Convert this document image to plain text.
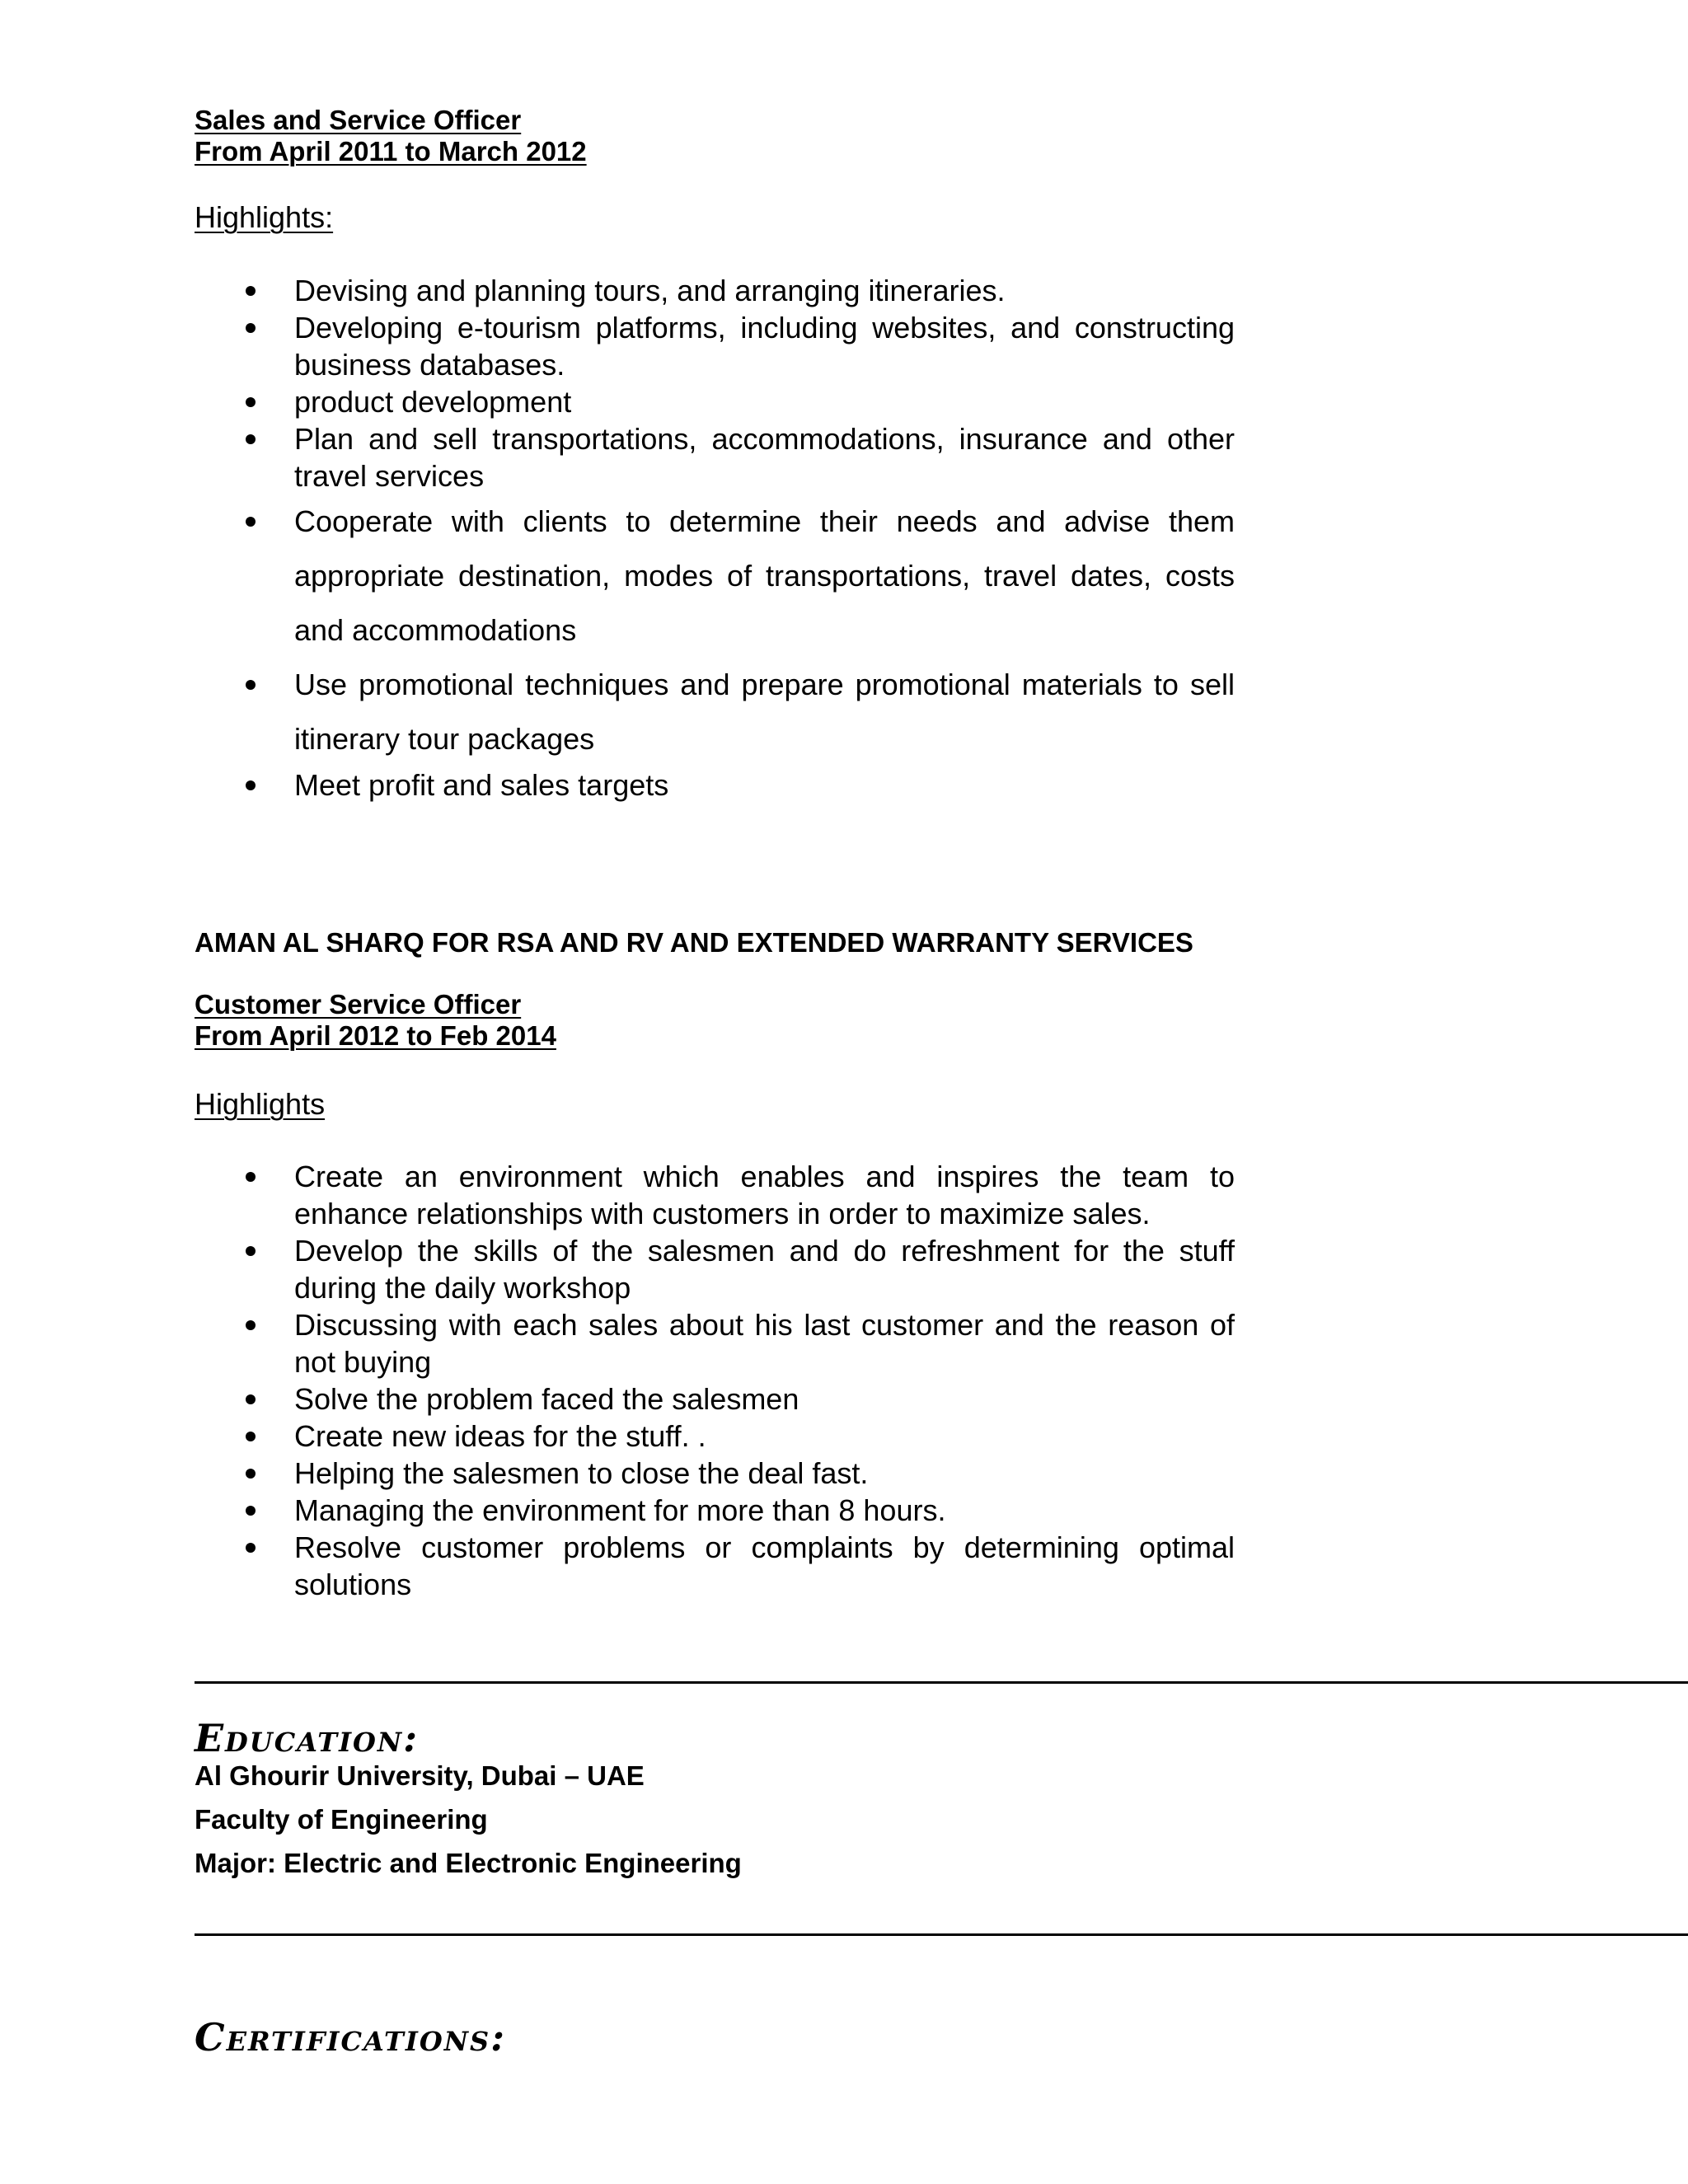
Sales and Service Officer
From April 2011 to March 2012
Highlights:
Devising and planning tours, and arranging itineraries.
Developing e-tourism platforms, including websites, and constructing business databases.
product development
Plan and sell transportations, accommodations, insurance and other travel services
Cooperate with clients to determine their needs and advise them appropriate destination, modes of transportations, travel dates, costs and accommodations
Use promotional techniques and prepare promotional materials to sell itinerary tour packages
Meet profit and sales targets
AMAN AL SHARQ FOR RSA AND RV AND EXTENDED WARRANTY SERVICES
Customer Service Officer
From April 2012 to Feb 2014
Highlights
Create an environment which enables and inspires the team to enhance relationships with customers in order to maximize sales.
Develop the skills of the salesmen and do refreshment for the stuff during the daily workshop
Discussing with each sales about his last customer and the reason of not buying
Solve the problem faced the salesmen
Create new ideas for the stuff. .
Helping the salesmen to close the deal fast.
Managing the environment for more than 8 hours.
Resolve customer problems or complaints by determining optimal solutions
Education:
Al Ghourir University, Dubai – UAE
Faculty of Engineering
Major: Electric and Electronic Engineering
Certifications:
